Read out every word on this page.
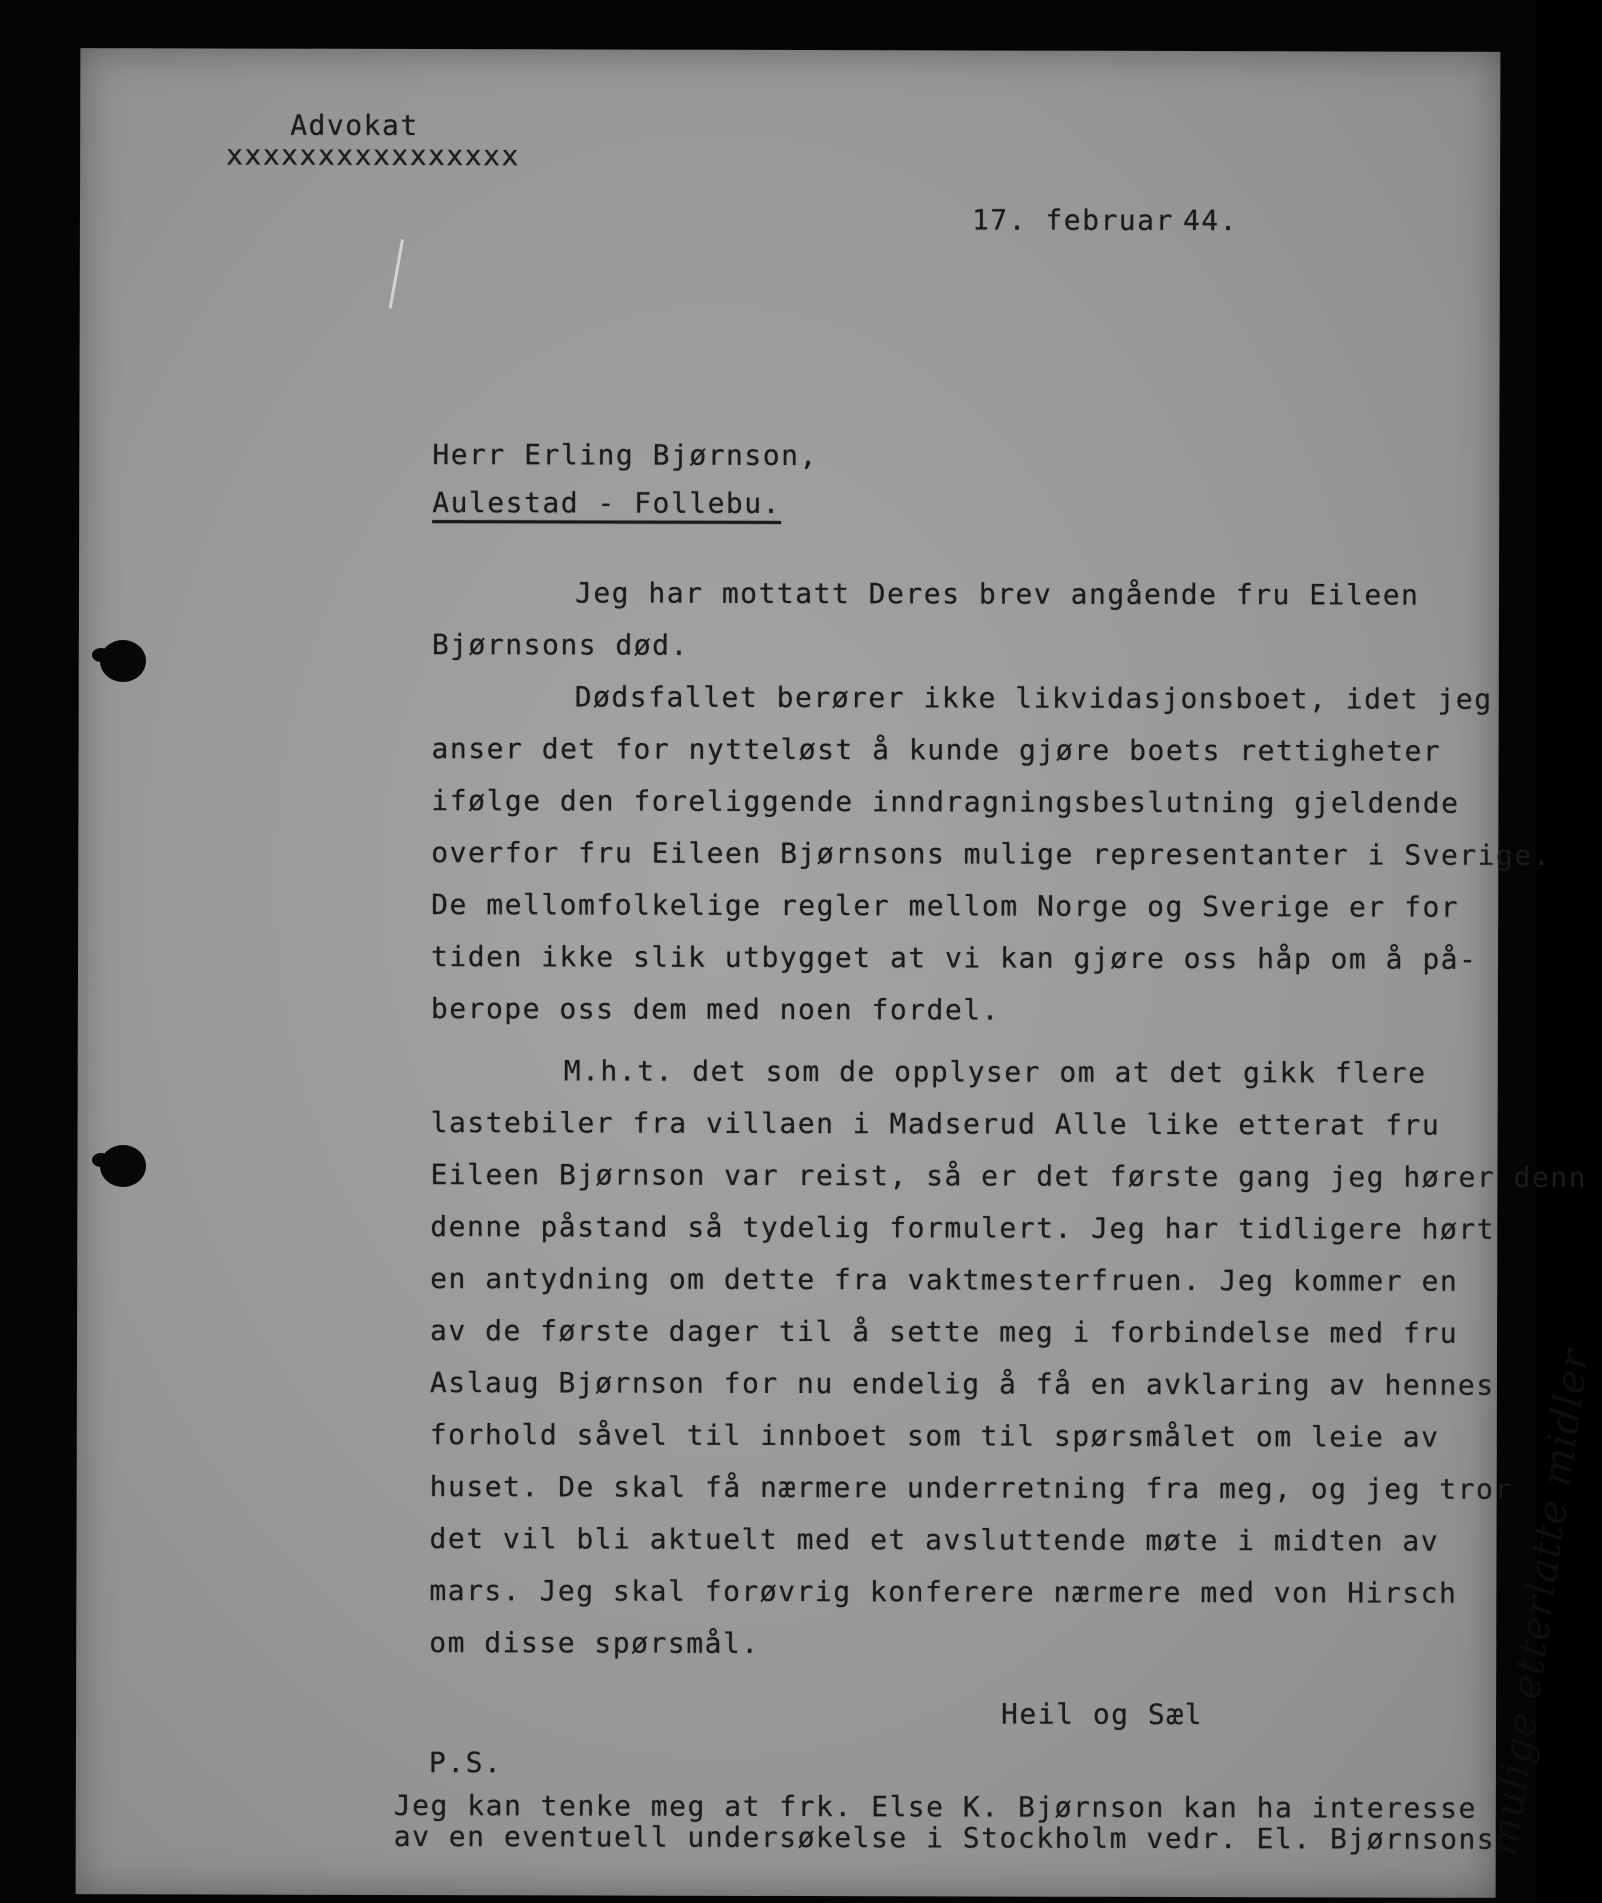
Advokat

xxxxxxxxxxxxxxxx

17. februar 44.

Herr Erling Bjørnson,

Aulestad - Follebu.

Jeg har mottatt Deres brev angående fru Eileen

Bjørnsons død.

Dødsfallet berører ikke likvidasjonsboet, idet jeg

anser det for nytteløst å kunde gjøre boets rettigheter

ifølge den foreliggende inndragningsbeslutning gjeldende

overfor fru Eileen Bjørnsons mulige representanter i Sverige.

De mellomfolkelige regler mellom Norge og Sverige er for

tiden ikke slik utbygget at vi kan gjøre oss håp om å på-

berope oss dem med noen fordel.

M.h.t. det som de opplyser om at det gikk flere

lastebiler fra villaen i Madserud Alle like etterat fru

Eileen Bjørnson var reist, så er det første gang jeg hører denn

denne påstand så tydelig formulert. Jeg har tidligere hørt

en antydning om dette fra vaktmesterfruen. Jeg kommer en

av de første dager til å sette meg i forbindelse med fru

Aslaug Bjørnson for nu endelig å få en avklaring av hennes

forhold såvel til innboet som til spørsmålet om leie av

huset. De skal få nærmere underretning fra meg, og jeg tror

det vil bli aktuelt med et avsluttende møte i midten av

mars. Jeg skal forøvrig konferere nærmere med von Hirsch

om disse spørsmål.

Heil og Sæl

P.S.

Jeg kan tenke meg at frk. Else K. Bjørnson kan ha interesse

av en eventuell undersøkelse i Stockholm vedr. El. Bjørnsons

mulige etterlatte midler
